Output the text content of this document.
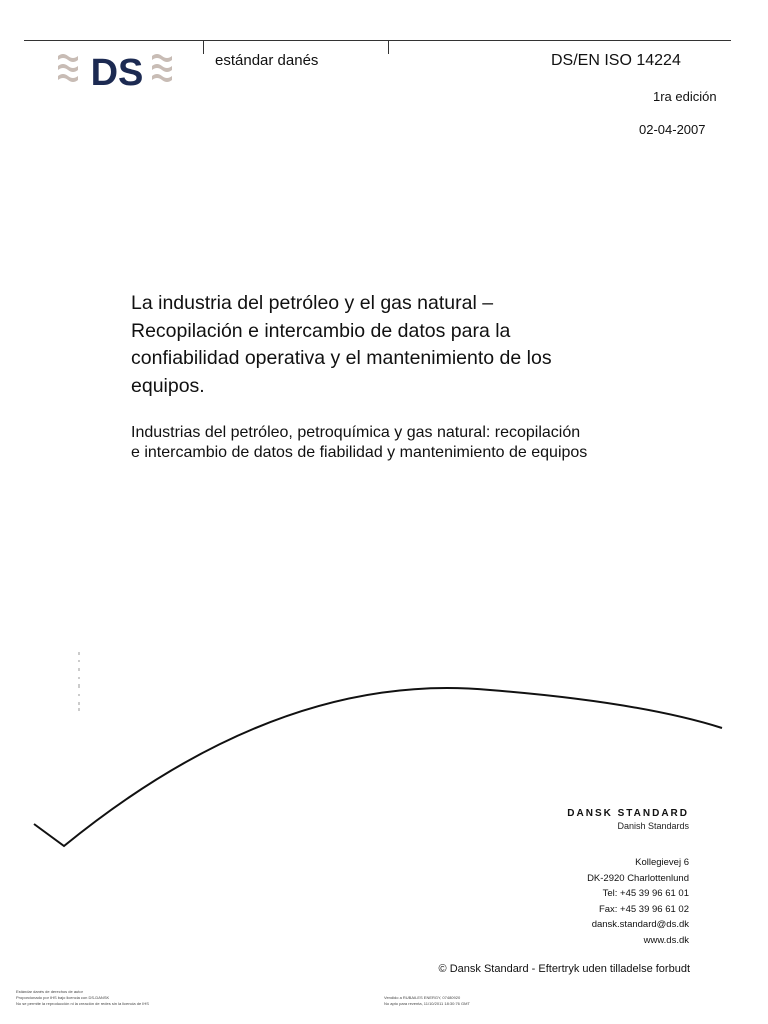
DS	estándar danés	DS/EN ISO 14224
1ra edición
02-04-2007
La industria del petróleo y el gas natural – Recopilación e intercambio de datos para la confiabilidad operativa y el mantenimiento de los equipos.
Industrias del petróleo, petroquímica y gas natural: recopilación e intercambio de datos de fiabilidad y mantenimiento de equipos
DANSK STANDARD
Danish Standards
Kollegievej 6
DK-2920 Charlottenlund
Tel: +45 39 96 61 01
Fax: +45 39 96 61 02
dansk.standard@ds.dk
www.ds.dk
© Dansk Standard - Eftertryk uden tilladelse forbudt
Estándar danés de derechos de autor
Proporcionado por IHS bajo licencia con DS-DANSK
No se permite la reproducción ni la creación de redes sin la licencia de IHS
Vendido a RUBAILES ENERGY, 07480920
No apto para reventa, 11/10/2011 18:30:76 GMT
